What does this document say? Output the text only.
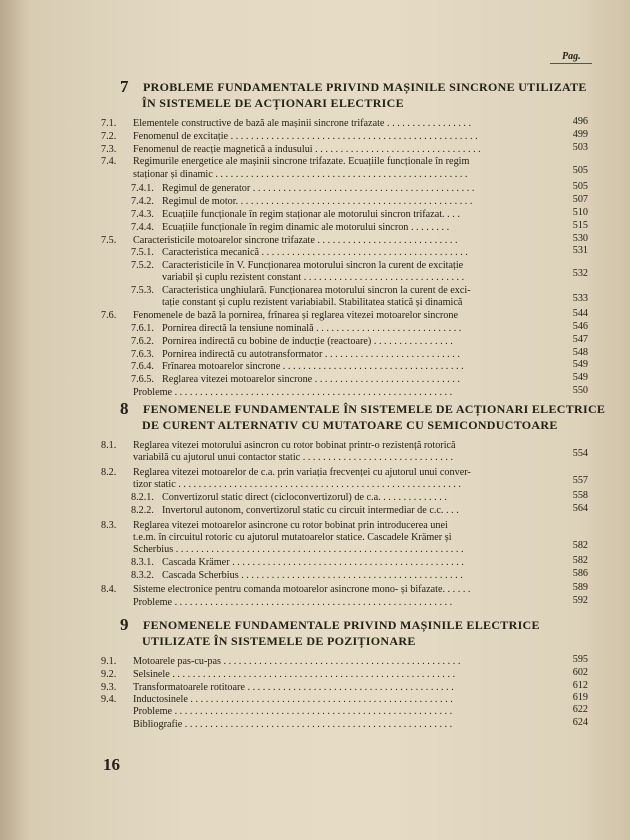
Pag.
7 PROBLEME FUNDAMENTALE PRIVIND MAȘINILE SINCRONE UTILIZATE
ÎN SISTEMELE DE ACȚIONARI ELECTRICE
7.1. Elementele constructive de bază ale mașinii sincrone trifazate . . . . . . . . . . . . . . . . .	496
7.2. Fenomenul de excitație . . . . . . . . . . . . . . . . . . . . . . . . . . . . . . . . . . . . . . . . . . . . . . . . .	499
7.3. Fenomenul de reacție magnetică a indusului . . . . . . . . . . . . . . . . . . . . . . . . . . . . . . . . .	503
7.4. Regimurile energetice ale mașinii sincrone trifazate. Ecuațiile funcționale în regim
staționar și dinamic . . . . . . . . . . . . . . . . . . . . . . . . . . . . . . . . . . . . . . . . . . . . . . . . . .	505
7.4.1. Regimul de generator . . . . . . . . . . . . . . . . . . . . . . . . . . . . . . . . . . . . . . . . . . . .	505
7.4.2. Regimul de motor. . . . . . . . . . . . . . . . . . . . . . . . . . . . . . . . . . . . . . . . . . . . . . .	507
7.4.3. Ecuațiile funcționale în regim staționar ale motorului sincron trifazat. . . .	510
7.4.4. Ecuațiile funcționale în regim dinamic ale motorului sincron . . . . . . . .	515
7.5. Caracteristicile motoarelor sincrone trifazate . . . . . . . . . . . . . . . . . . . . . . . . . . . .	530
7.5.1. Caracteristica mecanică . . . . . . . . . . . . . . . . . . . . . . . . . . . . . . . . . . . . . . . . .	531
7.5.2. Caracteristicile în V. Funcționarea motorului sincron la curent de excitație
variabil și cuplu rezistent constant . . . . . . . . . . . . . . . . . . . . . . . . . . . . . . . .	532
7.5.3. Caracteristica unghiulară. Funcționarea motorului sincron la curent de exci-
tație constant și cuplu rezistent variabiabil. Stabilitatea statică și dinamică	533
7.6. Fenomenele de bază la pornirea, frînarea și reglarea vitezei motoarelor sincrone	544
7.6.1. Pornirea directă la tensiune nominală . . . . . . . . . . . . . . . . . . . . . . . . . . . . .	546
7.6.2. Pornirea indirectă cu bobine de inducție (reactoare) . . . . . . . . . . . . . . . .	547
7.6.3. Pornirea indirectă cu autotransformator . . . . . . . . . . . . . . . . . . . . . . . . . . .	548
7.6.4. Frînarea motoarelor sincrone . . . . . . . . . . . . . . . . . . . . . . . . . . . . . . . . . . . .	549
7.6.5. Reglarea vitezei motoarelor sincrone . . . . . . . . . . . . . . . . . . . . . . . . . . . . .	549
Probleme . . . . . . . . . . . . . . . . . . . . . . . . . . . . . . . . . . . . . . . . . . . . . . . . . . . . . . .	550
8 FENOMENELE FUNDAMENTALE ÎN SISTEMELE DE ACȚIONARI ELECTRICE
DE CURENT ALTERNATIV CU MUTATOARE CU SEMICONDUCTOARE
8.1. Reglarea vitezei motorului asincron cu rotor bobinat printr-o rezistență rotorică
variabilă cu ajutorul unui contactor static . . . . . . . . . . . . . . . . . . . . . . . . . . . . . .	554
8.2. Reglarea vitezei motoarelor de c.a. prin variația frecvenței cu ajutorul unui conver-
tizor static . . . . . . . . . . . . . . . . . . . . . . . . . . . . . . . . . . . . . . . . . . . . . . . . . . . . . . . .	557
8.2.1. Convertizorul static direct (cicloconvertizorul) de c.a. . . . . . . . . . . . . .	558
8.2.2. Invertorul autonom, convertizorul static cu circuit intermediar de c.c. . . .	564
8.3. Reglarea vitezei motoarelor asincrone cu rotor bobinat prin introducerea unei
t.e.m. în circuitul rotoric cu ajutorul mutatoarelor statice. Cascadele Krämer și
Scherbius . . . . . . . . . . . . . . . . . . . . . . . . . . . . . . . . . . . . . . . . . . . . . . . . . . . . . . . . .	582
8.3.1. Cascada Krämer . . . . . . . . . . . . . . . . . . . . . . . . . . . . . . . . . . . . . . . . . . . . . .	582
8.3.2. Cascada Scherbius . . . . . . . . . . . . . . . . . . . . . . . . . . . . . . . . . . . . . . . . . . . .	586
8.4. Sisteme electronice pentru comanda motoarelor asincrone mono- și bifazate. . . . . .	589
Probleme . . . . . . . . . . . . . . . . . . . . . . . . . . . . . . . . . . . . . . . . . . . . . . . . . . . . . . .	592
9 FENOMENELE FUNDAMENTALE PRIVIND MAȘINILE ELECTRICE
UTILIZATE ÎN SISTEMELE DE POZIȚIONARE
9.1. Motoarele pas-cu-pas . . . . . . . . . . . . . . . . . . . . . . . . . . . . . . . . . . . . . . . . . . . . . . .	595
9.2. Selsinele . . . . . . . . . . . . . . . . . . . . . . . . . . . . . . . . . . . . . . . . . . . . . . . . . . . . . . . .	602
9.3. Transformatoarele rotitoare . . . . . . . . . . . . . . . . . . . . . . . . . . . . . . . . . . . . . . . . .	612
9.4. Inductosinele . . . . . . . . . . . . . . . . . . . . . . . . . . . . . . . . . . . . . . . . . . . . . . . . . . . .	619
Probleme . . . . . . . . . . . . . . . . . . . . . . . . . . . . . . . . . . . . . . . . . . . . . . . . . . . . . . .	622
Bibliografie . . . . . . . . . . . . . . . . . . . . . . . . . . . . . . . . . . . . . . . . . . . . . . . . . . . . .	624
16
